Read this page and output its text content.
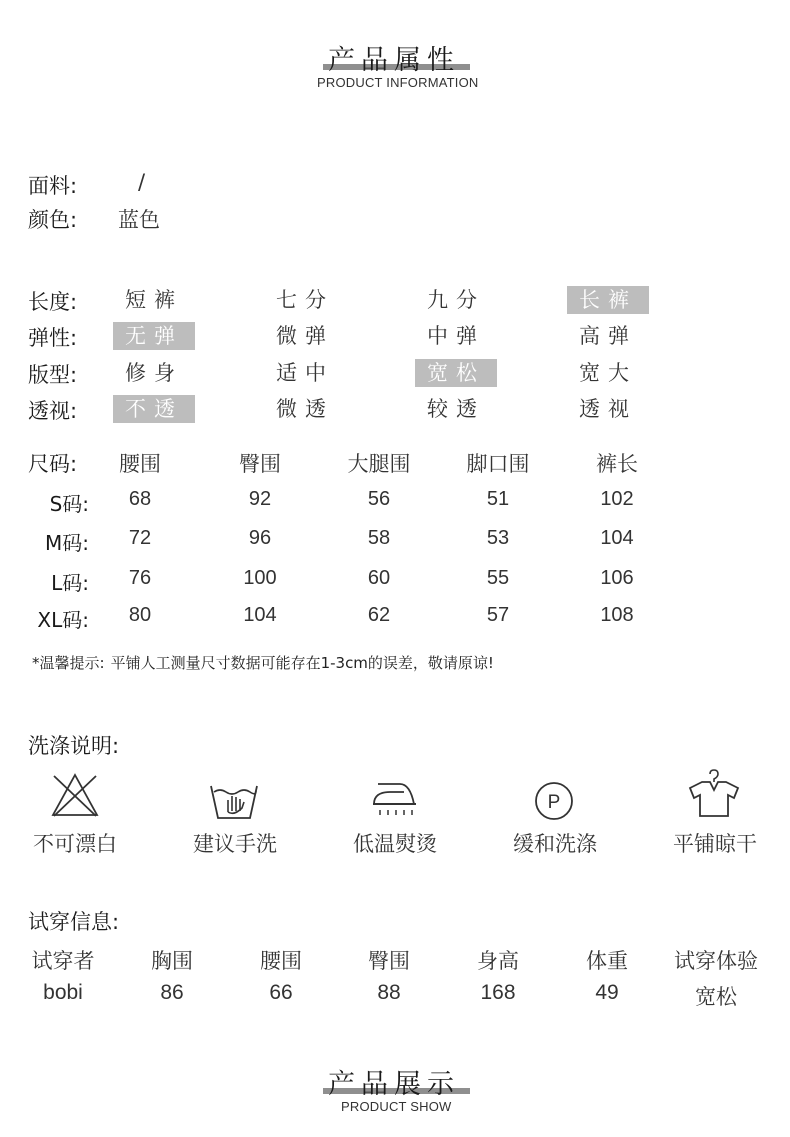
产品属性
PRODUCT INFORMATION
面料:	/
颜色: 蓝色
长度:	短裤	七分	九分	长裤
弹性:	无弹	微弹	中弹	高弹
版型:	修身	适中	宽松	宽大
透视:	不透	微透	较透	透视
尺码:	腰围	臀围	大腿围	脚口围	裤长
S码:	68	92	56	51	102
M码:	72	96	58	53	104
L码:	76	100	60	55	106
XL码:	80	104	62	57	108
*温馨提示: 平铺人工测量尺寸数据可能存在1-3cm的误差，敬请原谅!
洗涤说明:
P
不可漂白	建议手洗	低温熨烫	缓和洗涤	平铺晾干
试穿信息:
试穿者	胸围	腰围	臀围	身高	体重	试穿体验
bobi	86	66	88	168	49	宽松
产品展示
PRODUCT SHOW
